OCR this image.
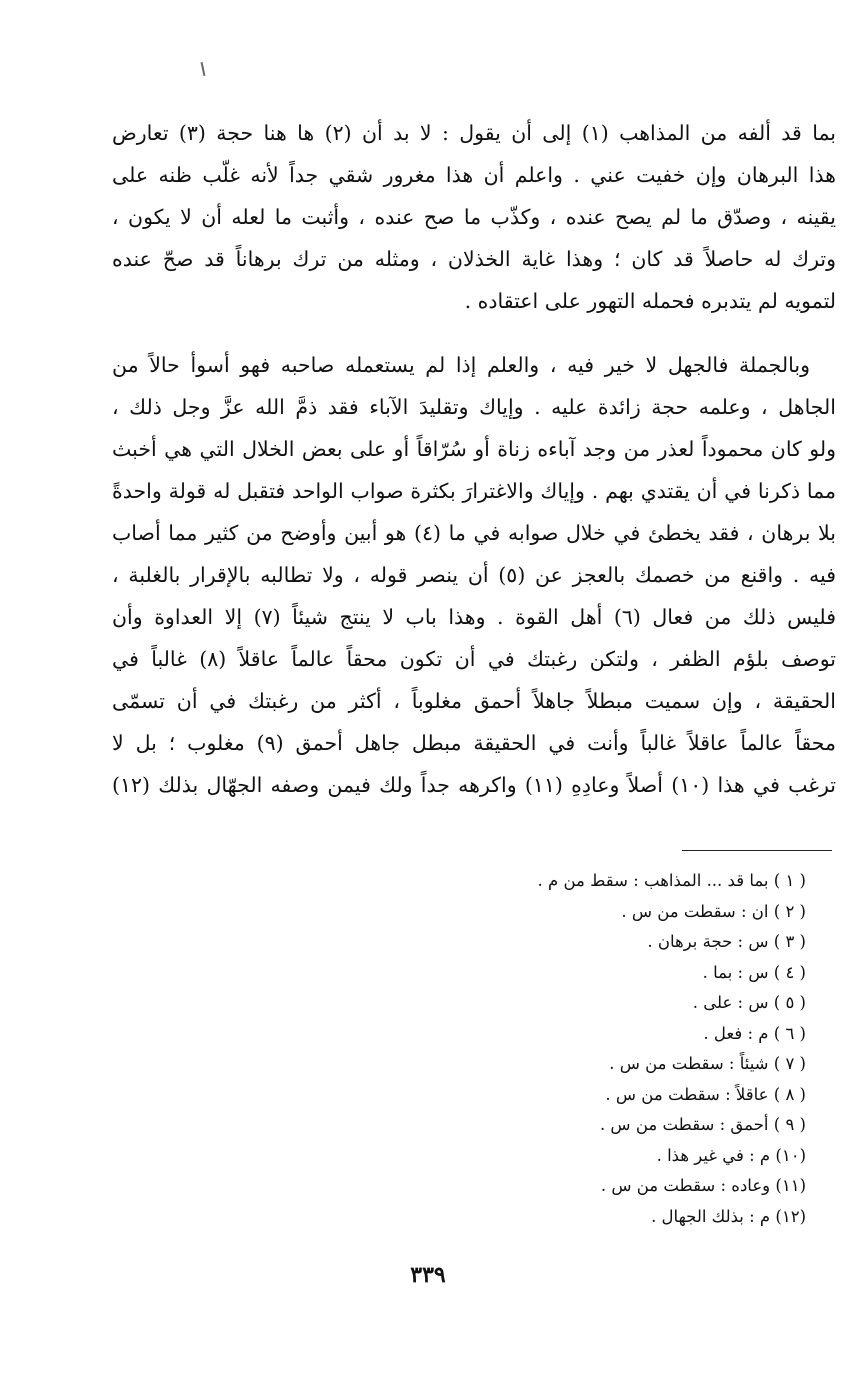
بما قد ألفه من المذاهب (١) إلى أن يقول : لا بد أن (٢) ها هنا حجة (٣) تعارض
هذا البرهان وإن خفيت عني . واعلم أن هذا مغرور شقي جداً لأنه غلّب ظنه على
يقينه ، وصدّق ما لم يصح عنده ، وكذّب ما صح عنده ، وأثبت ما لعله أن لا يكون ،
وترك له حاصلاً قد كان ؛ وهذا غاية الخذلان ، ومثله من ترك برهاناً قد صحّ عنده
لتمويه لم يتدبره فحمله التهور على اعتقاده .
وبالجملة فالجهل لا خير فيه ، والعلم إذا لم يستعمله صاحبه فهو أسوأ حالاً من
الجاهل ، وعلمه حجة زائدة عليه . وإياك وتقليدَ الآباء فقد ذمَّ الله عزَّ وجل ذلك ،
ولو كان محموداً لعذر من وجد آباءه زناة أو سُرّاقاً أو على بعض الخلال التي هي أخبث
مما ذكرنا في أن يقتدي بهم . وإياك والاغترارَ بكثرة صواب الواحد فتقبل له قولة واحدةً
بلا برهان ، فقد يخطئ في خلال صوابه في ما (٤) هو أبين وأوضح من كثير مما أصاب
فيه . واقنع من خصمك بالعجز عن (٥) أن ينصر قوله ، ولا تطالبه بالإقرار بالغلبة ،
فليس ذلك من فعال (٦) أهل القوة . وهذا باب لا ينتج شيئاً (٧) إلا العداوة وأن
توصف بلؤم الظفر ، ولتكن رغبتك في أن تكون محقاً عالماً عاقلاً (٨) غالباً في
الحقيقة ، وإن سميت مبطلاً جاهلاً أحمق مغلوباً ، أكثر من رغبتك في أن تسمّى
محقاً عالماً عاقلاً غالباً وأنت في الحقيقة مبطل جاهل أحمق (٩) مغلوب ؛ بل لا
ترغب في هذا (١٠) أصلاً وعادِهِ (١١) واكرهه جداً ولك فيمن وصفه الجهّال بذلك (١٢)
( ١ ) بما قد ... المذاهب : سقط من م .
( ٢ ) ان : سقطت من س .
( ٣ ) س : حجة برهان .
( ٤ ) س : بما .
( ٥ ) س : على .
( ٦ ) م : فعل .
( ٧ ) شيئاً : سقطت من س .
( ٨ ) عاقلاً : سقطت من س .
( ٩ ) أحمق : سقطت من س .
(١٠) م : في غير هذا .
(١١) وعاده : سقطت من س .
(١٢) م : بذلك الجهال .
٣٣٩
